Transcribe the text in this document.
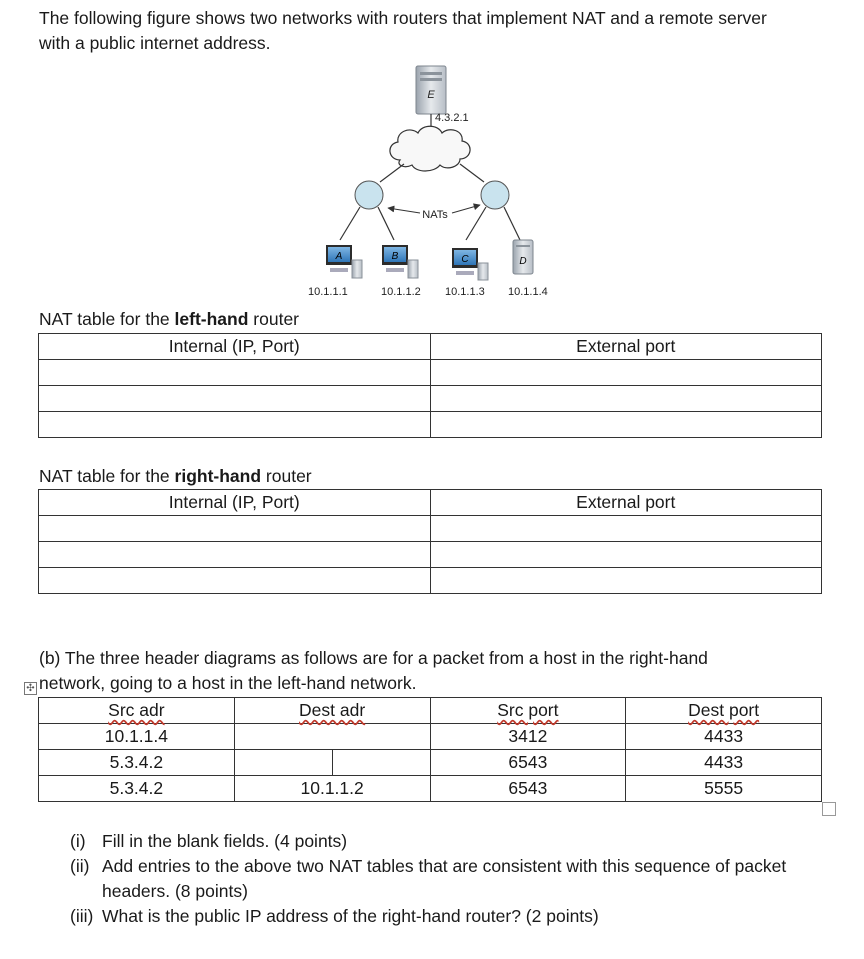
The following figure shows two networks with routers that implement NAT and a remote server
with a public internet address.
E
4.3.2.1
NATs
A	B	C	D
10.1.1.1	10.1.1.2 10.1.1.3 10.1.1.4
NAT table for the left-hand router
Internal (IP, Port)	External port

NAT table for the right-hand router
Internal (IP, Port)	External port

(b) The three header diagrams as follows are for a packet from a host in the right-hand
network, going to a host in the left-hand network.
✣
Src adr	Dest adr	Src port	Dest port
10.1.1.4		3412	4433
5.3.4.2		6543	4433
5.3.4.2	10.1.1.2	6543	5555
(i) Fill in the blank fields. (4 points)
(ii) Add entries to the above two NAT tables that are consistent with this sequence of packet headers. (8 points)
(iii) What is the public IP address of the right-hand router? (2 points)
